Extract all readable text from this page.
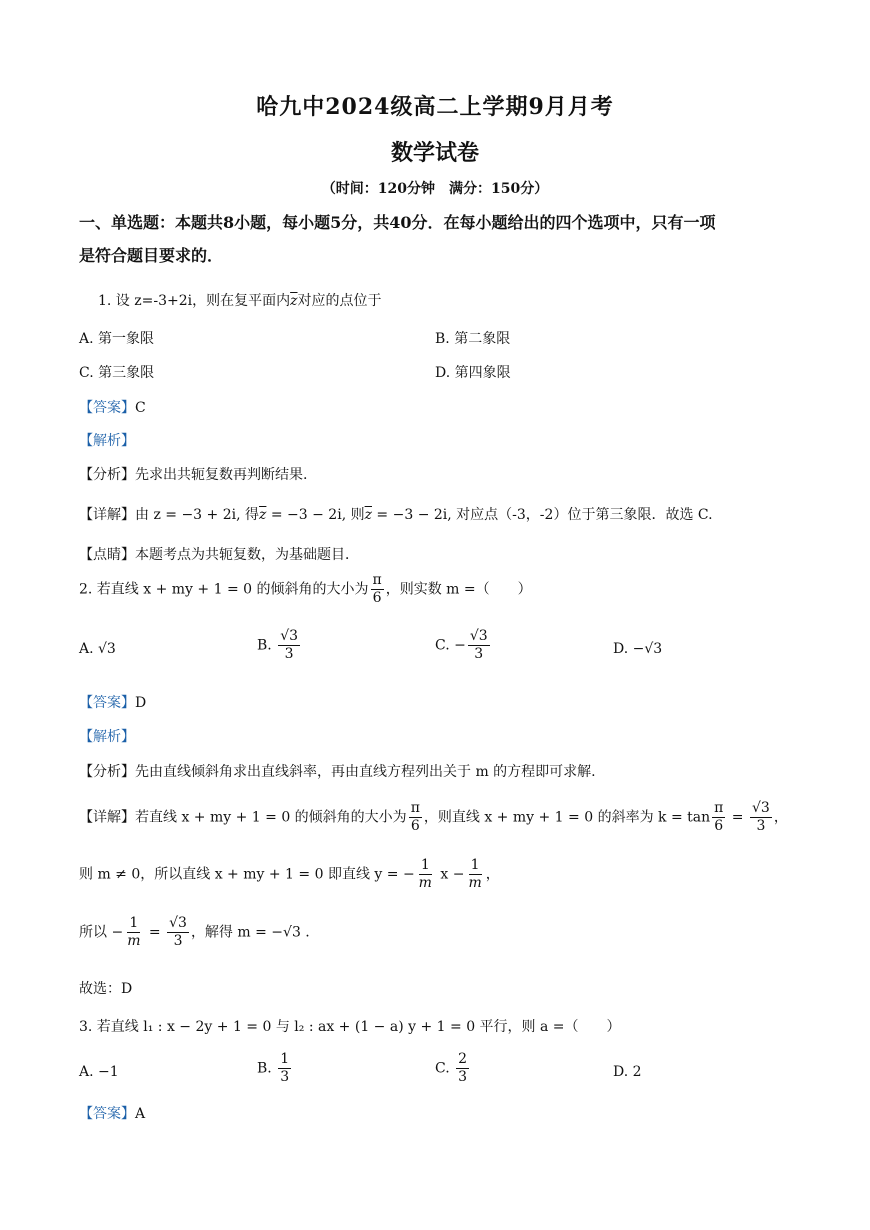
哈九中2024级高二上学期9月月考
数学试卷
（时间：120分钟　满分：150分）
一、单选题：本题共8小题，每小题5分，共40分．在每小题给出的四个选项中，只有一项
是符合题目要求的．
1. 设 z=-3+2i，则在复平面内$\overline{z}$对应的点位于
A. 第一象限	B. 第二象限
C. 第三象限	D. 第四象限
【答案】C
【解析】
【分析】先求出共轭复数再判断结果.
【详解】由 z = −3 + 2i, 得$\overline{z} = -3 - 2i$, 则$\overline{z} = -3 - 2i$, 对应点（-3，-2）位于第三象限．故选 C.
【点睛】本题考点为共轭复数，为基础题目．
2. 若直线 x + my + 1 = 0 的倾斜角的大小为 $\frac{\pi}{6}$ ，则实数 m =（　　）
A. √3	B. $\frac{√3}{3}$	C. − $\frac{√3}{3}$	D. −√3
【答案】D
【解析】
【分析】先由直线倾斜角求出直线斜率，再由直线方程列出关于 m 的方程即可求解.
【详解】若直线 x + my + 1 = 0 的倾斜角的大小为 $\frac{\pi}{6}$ ，则直线 x + my + 1 = 0 的斜率为 $k = \tan \frac{\pi}{6} = \frac{√3}{3}$ ，
则 m ≠ 0，所以直线 x + my + 1 = 0 即直线 y = − $\frac{1}{m}$ $x - \frac{1}{m}$ ，
所以 − $\frac{1}{m} = \frac{√3}{3}$ ，解得 m = −√3 .
故选：D
3. 若直线 l₁ : x − 2y + 1 = 0 与 l₂ : ax + (1 − a) y + 1 = 0 平行，则 a =（　　）
A. −1	B. $\frac{1}{3}$	C. $\frac{2}{3}$	D. 2
【答案】A
